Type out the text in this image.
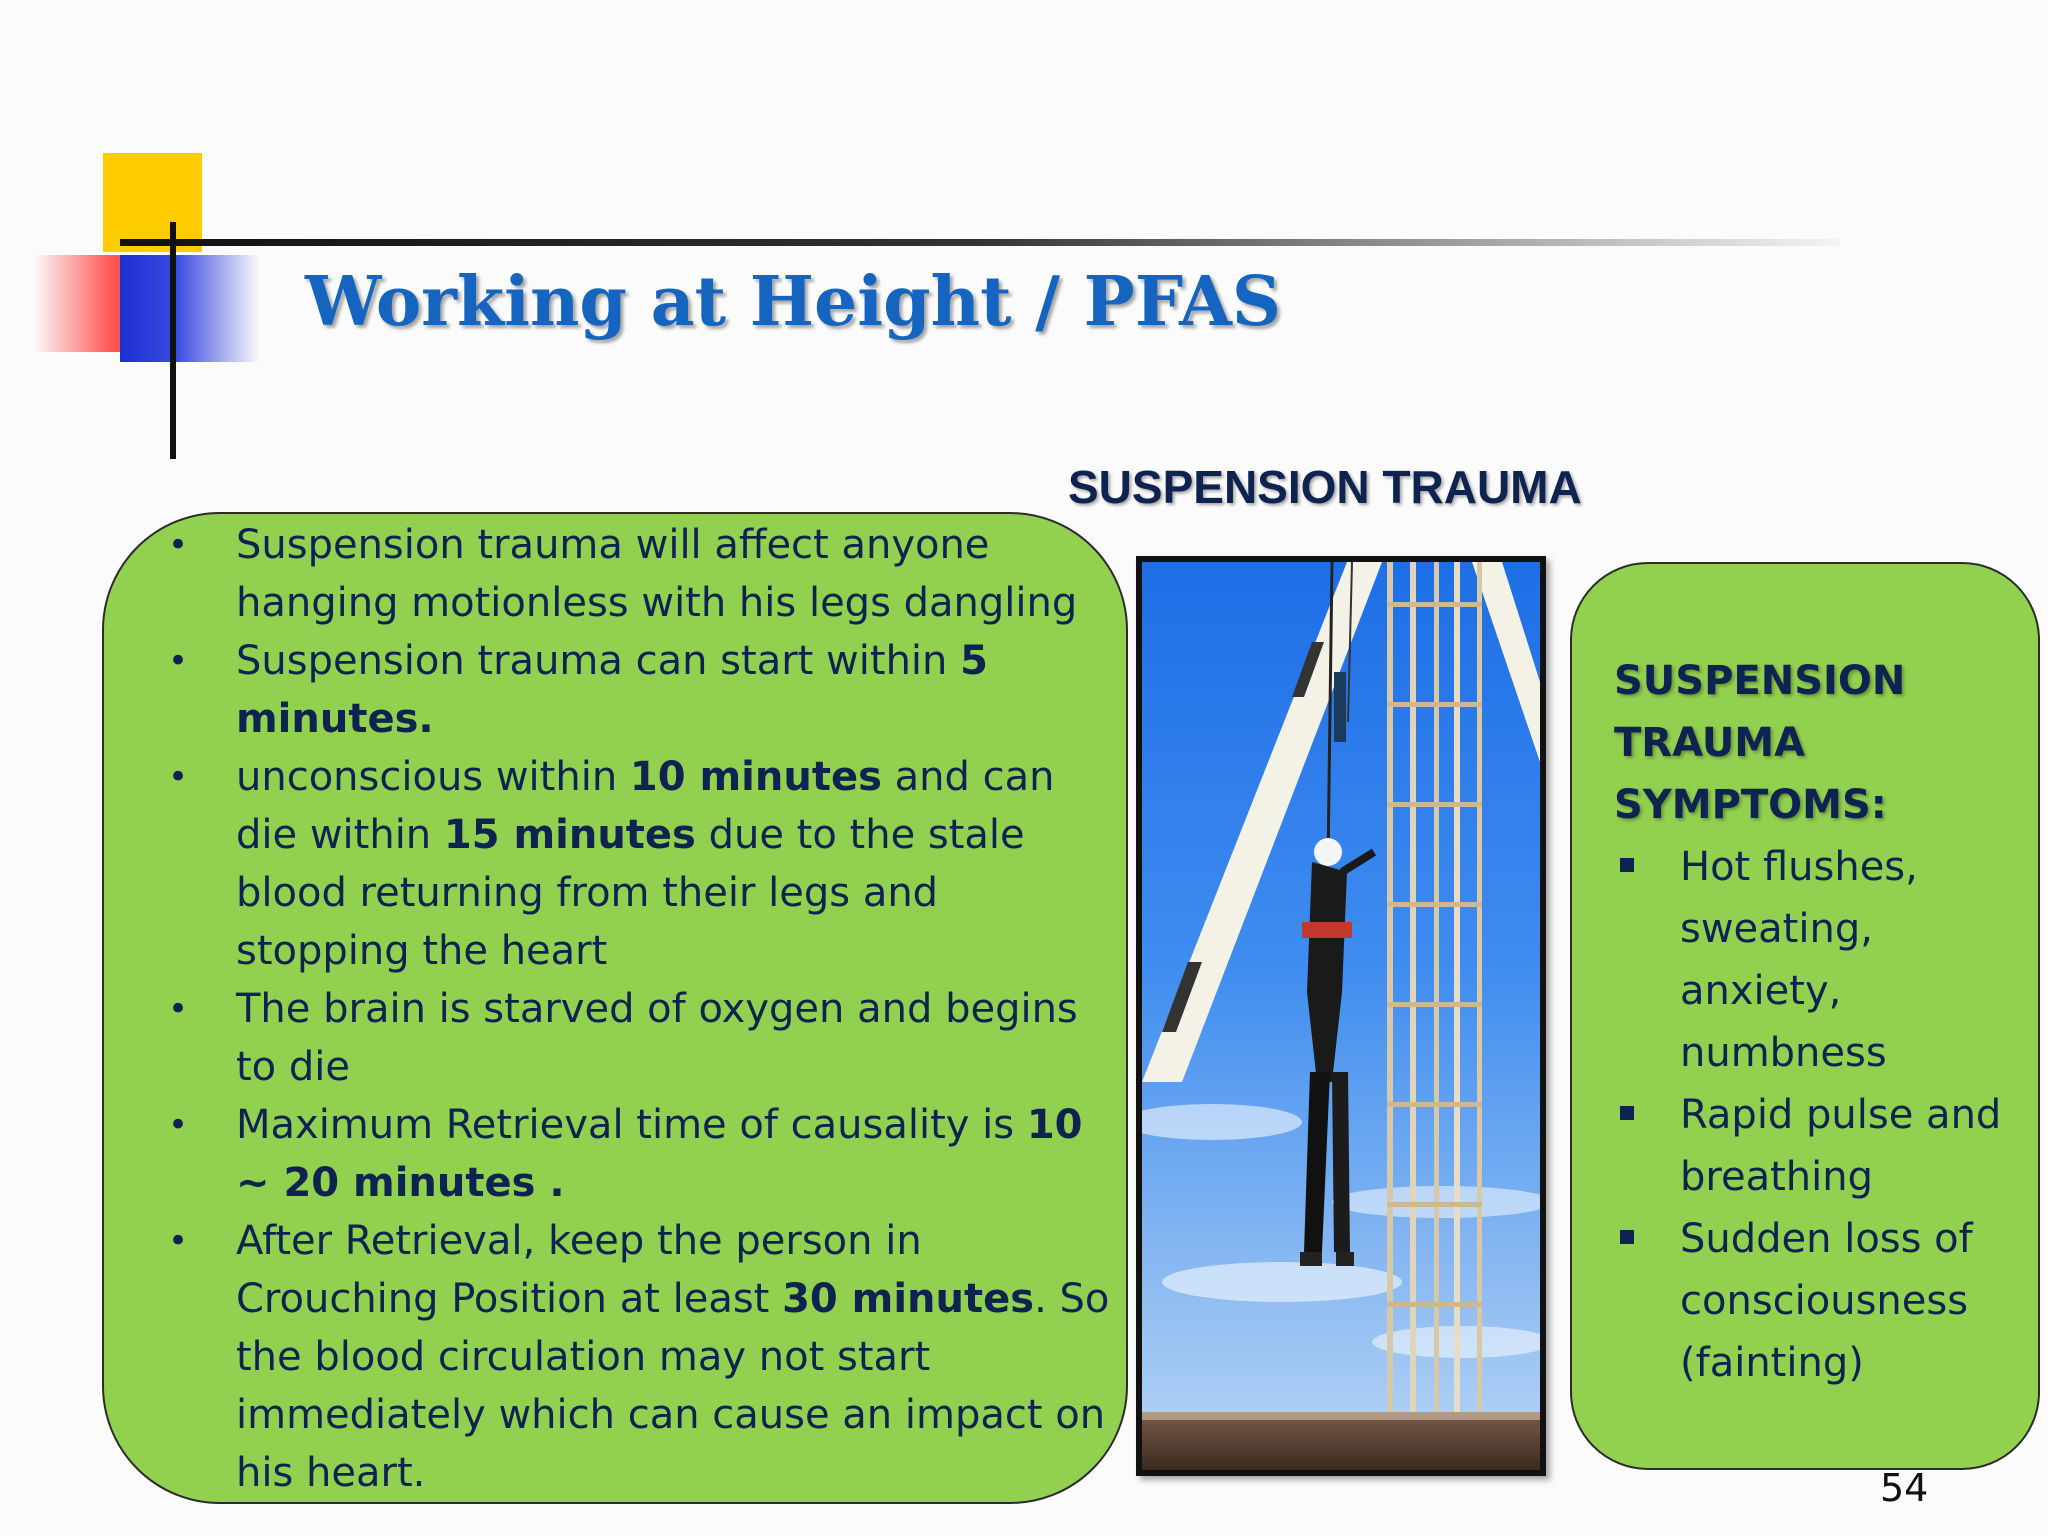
Working at Height / PFAS
SUSPENSION TRAUMA
• Suspension trauma will affect anyone hanging motionless with his legs dangling
• Suspension trauma can start within 5 minutes.
• unconscious within 10 minutes and can die within 15 minutes due to the stale blood returning from their legs and stopping the heart
• The brain is starved of oxygen and begins to die
• Maximum Retrieval time of causality is 10 ~ 20 minutes .
• After Retrieval, keep the person in Crouching Position at least 30 minutes. So the blood circulation may not start immediately which can cause an impact on his heart.
SUSPENSION
TRAUMA
SYMPTOMS:
Hot flushes, sweating, anxiety, numbness
Rapid pulse and breathing
Sudden loss of consciousness (fainting)

54
